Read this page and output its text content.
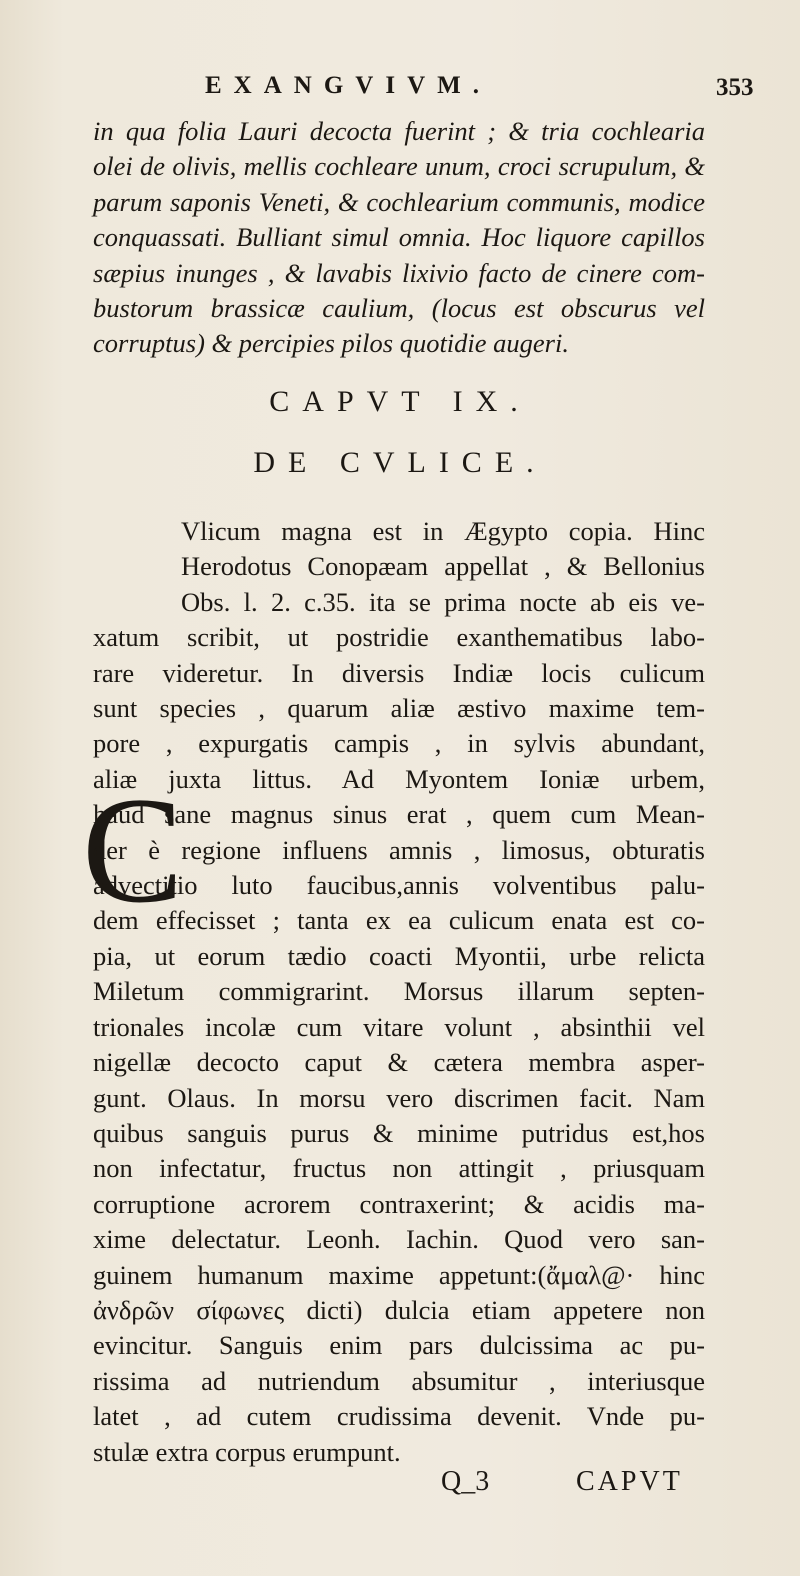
EXANGVIVM.	353
in qua folia Lauri decocta fuerint ; & tria cochlearia
olei de olivis, mellis cochleare unum, croci scrupulum, &
parum saponis Veneti, & cochlearium communis, modice
conquassati. Bulliant simul omnia. Hoc liquore capillos
sæpius inunges , & lavabis lixivio facto de cinere com-
bustorum brassicæ caulium, (locus est obscurus vel
corruptus) & percipies pilos quotidie augeri.
CAPVT IX.
DE CVLICE.
C
Vlicum magna est in Ægypto copia. Hinc
Herodotus Conopæam appellat , & Bellonius
Obs. l. 2. c.35. ita se prima nocte ab eis ve-
xatum scribit, ut postridie exanthematibus labo-
rare videretur. In diversis Indiæ locis culicum
sunt species , quarum aliæ æstivo maxime tem-
pore , expurgatis campis , in sylvis abundant,
aliæ juxta littus. Ad Myontem Ioniæ urbem,
haud sane magnus sinus erat , quem cum Mean-
der è regione influens amnis , limosus, obturatis
advectitio luto faucibus,annis volventibus palu-
dem effecisset ; tanta ex ea culicum enata est co-
pia, ut eorum tædio coacti Myontii, urbe relicta
Miletum commigrarint. Morsus illarum septen-
trionales incolæ cum vitare volunt , absinthii vel
nigellæ decocto caput & cætera membra asper-
gunt. Olaus. In morsu vero discrimen facit. Nam
quibus sanguis purus & minime putridus est,hos
non infectatur, fructus non attingit , priusquam
corruptione acrorem contraxerint; & acidis ma-
xime delectatur. Leonh. Iachin. Quod vero san-
guinem humanum maxime appetunt:(ἄμαλ@· hinc
ἀνδρῶν σίφωνες dicti) dulcia etiam appetere non
evincitur. Sanguis enim pars dulcissima ac pu-
rissima ad nutriendum absumitur , interiusque
latet , ad cutem crudissima devenit. Vnde pu-
stulæ extra corpus erumpunt.
Q_3	CAPVT
